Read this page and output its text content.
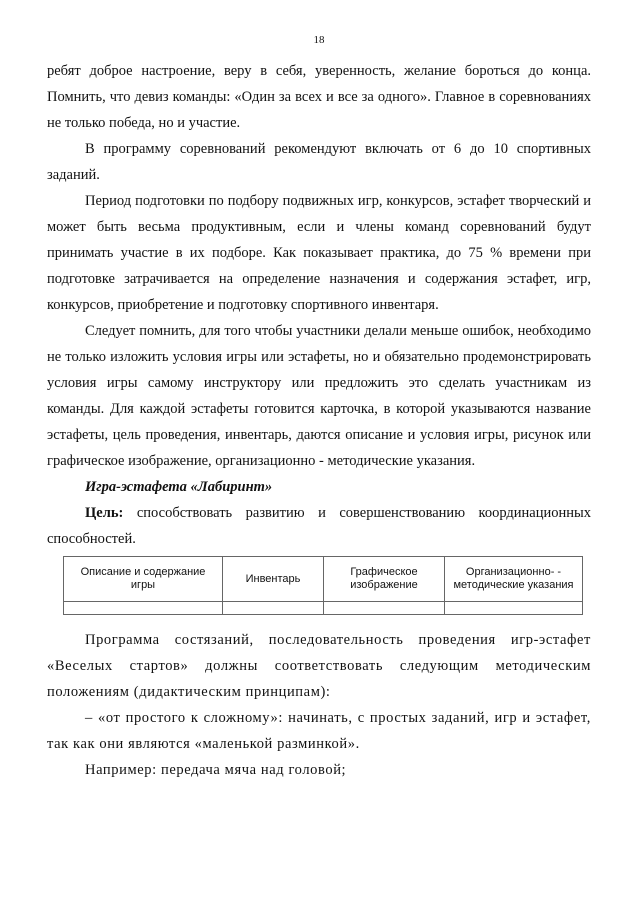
18

ребят доброе настроение, веру в себя, уверенность, желание бороться до конца. Помнить, что девиз команды: «Один за всех и все за одного». Главное в соревнованиях не только победа, но и участие.

В программу соревнований рекомендуют включать от 6 до 10 спортивных заданий.

Период подготовки по подбору подвижных игр, конкурсов, эстафет творческий и может быть весьма продуктивным, если и члены команд соревнований будут принимать участие в их подборе. Как показывает практика, до 75 % времени при подготовке затрачивается на определение назначения и содержания эстафет, игр, конкурсов, приобретение и подготовку спортивного инвентаря.

Следует помнить, для того чтобы участники делали меньше ошибок, необходимо не только изложить условия игры или эстафеты, но и обязательно продемонстрировать условия игры самому инструктору или предложить это сделать участникам из команды. Для каждой эстафеты готовится карточка, в которой указываются название эстафеты, цель проведения, инвентарь, даются описание и условия игры, рисунок или графическое изображение, организационно - методические указания.

Игра-эстафета «Лабиринт»

Цель: способствовать развитию и совершенствованию координационных способностей.

Описание и содержание игры	Инвентарь	Графическое изображение	Организационно- - методические указания

Программа состязаний, последовательность проведения игр-эстафет «Веселых стартов» должны соответствовать следующим методическим положениям (дидактическим принципам):

– «от простого к сложному»: начинать, с простых заданий, игр и эстафет, так как они являются «маленькой разминкой».

Например: передача мяча над головой;
